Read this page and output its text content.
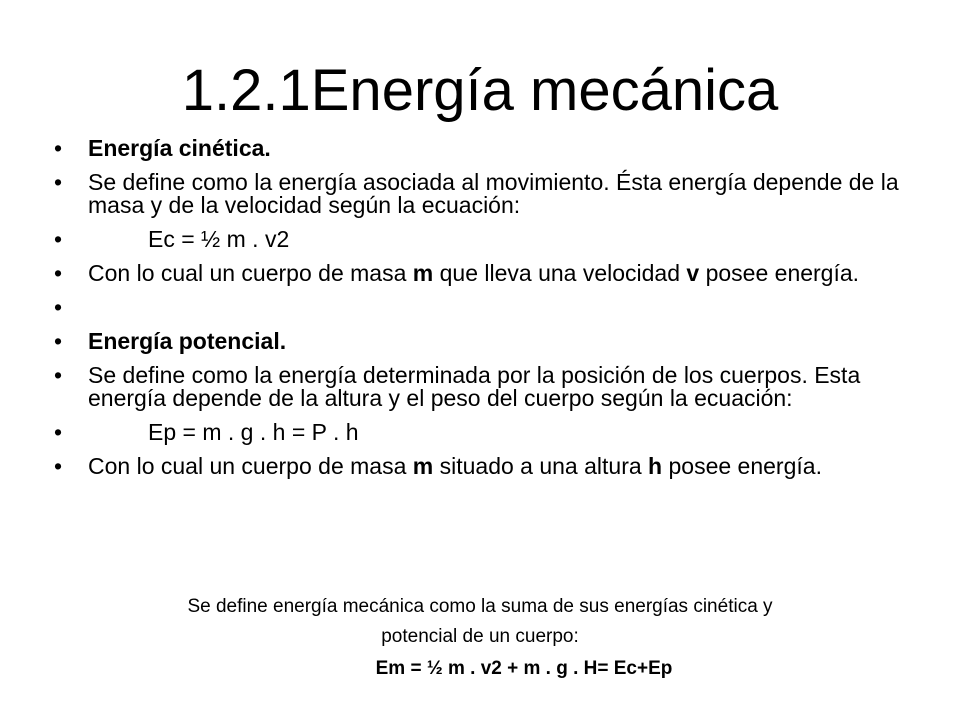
1.2.1Energía mecánica
• Energía cinética.
• Se define como la energía asociada al movimiento. Ésta energía depende de la masa y de la velocidad según la ecuación:
• Ec = ½ m . v2
• Con lo cual un cuerpo de masa m que lleva una velocidad v posee energía.
•
• Energía potencial.
• Se define como la energía determinada por la posición de los cuerpos. Esta energía depende de la altura y el peso del cuerpo según la ecuación:
• Ep = m . g . h = P . h
• Con lo cual un cuerpo de masa m situado a una altura h posee energía.
Se define energía mecánica como la suma de sus energías cinética y
potencial de un cuerpo:
Em = ½ m . v2 + m . g . H= Ec+Ep
